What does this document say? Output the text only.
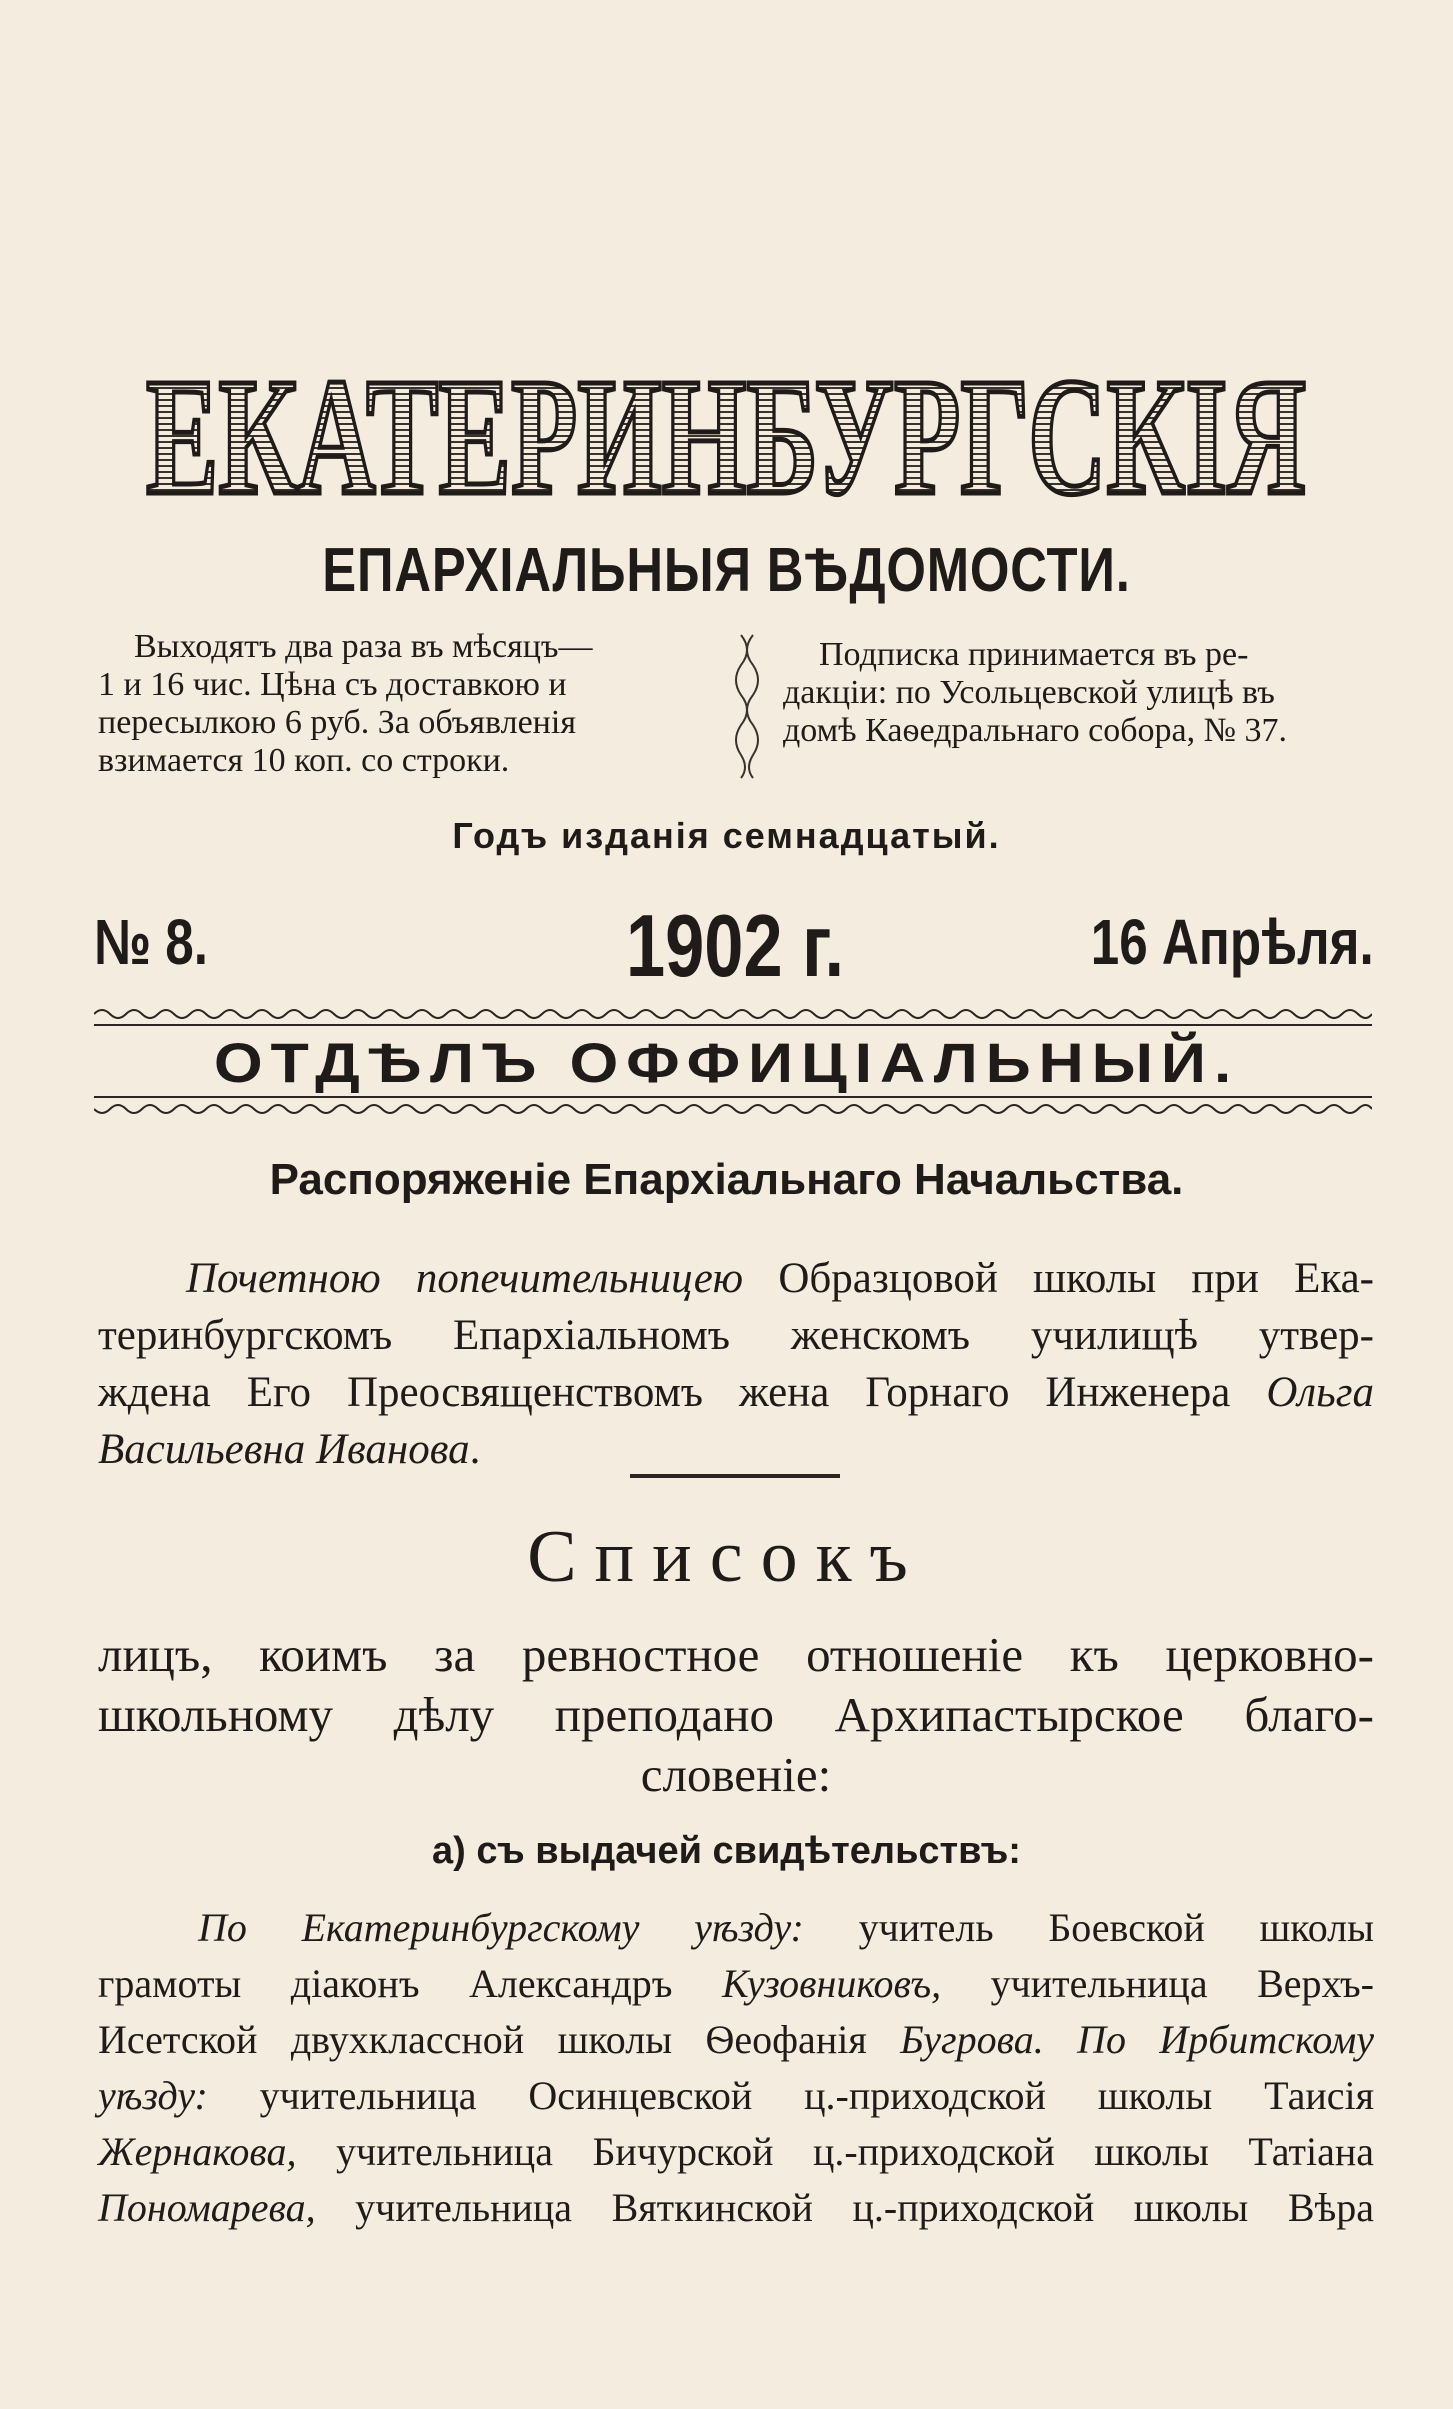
ЕКАТЕРИНБУРГСКІЯ
ЕПАРХІАЛЬНЫЯ ВѢДОМОСТИ.
Выходятъ два раза въ мѣсяцъ—
1 и 16 чис. Цѣна съ доставкою и
пересылкою 6 руб. За объявленія
взимается 10 коп. со строки.
Подписка принимается въ ре-
дакціи: по Усольцевской улицѣ въ
домѣ Каѳедральнаго собора, № 37.
Годъ изданія семнадцатый.
№ 8.	1902 г.	16 Апрѣля.
ОТДѢЛЪ ОФФИЦІАЛЬНЫЙ.
Распоряженіе Епархіальнаго Начальства.
Почетною попечительницею Образцовой школы при Ека-
теринбургскомъ Епархіальномъ женскомъ училищѣ утвер-
ждена Его Преосвященствомъ жена Горнаго Инженера Ольга
Васильевна Иванова.
Списокъ
лицъ, коимъ за ревностное отношеніе къ церковно-
школьному дѣлу преподано Архипастырское благо-
словеніе:
а) съ выдачей свидѣтельствъ:
По Екатеринбургскому уѣзду: учитель Боевской школы
грамоты діаконъ Александръ Кузовниковъ, учительница Верхъ-
Исетской двухклассной школы Ѳеофанія Бугрова. По Ирбитскому
уѣзду: учительница Осинцевской ц.-приходской школы Таисія
Жернакова, учительница Бичурской ц.-приходской школы Татіана
Пономарева, учительница Вяткинской ц.-приходской школы Вѣра
